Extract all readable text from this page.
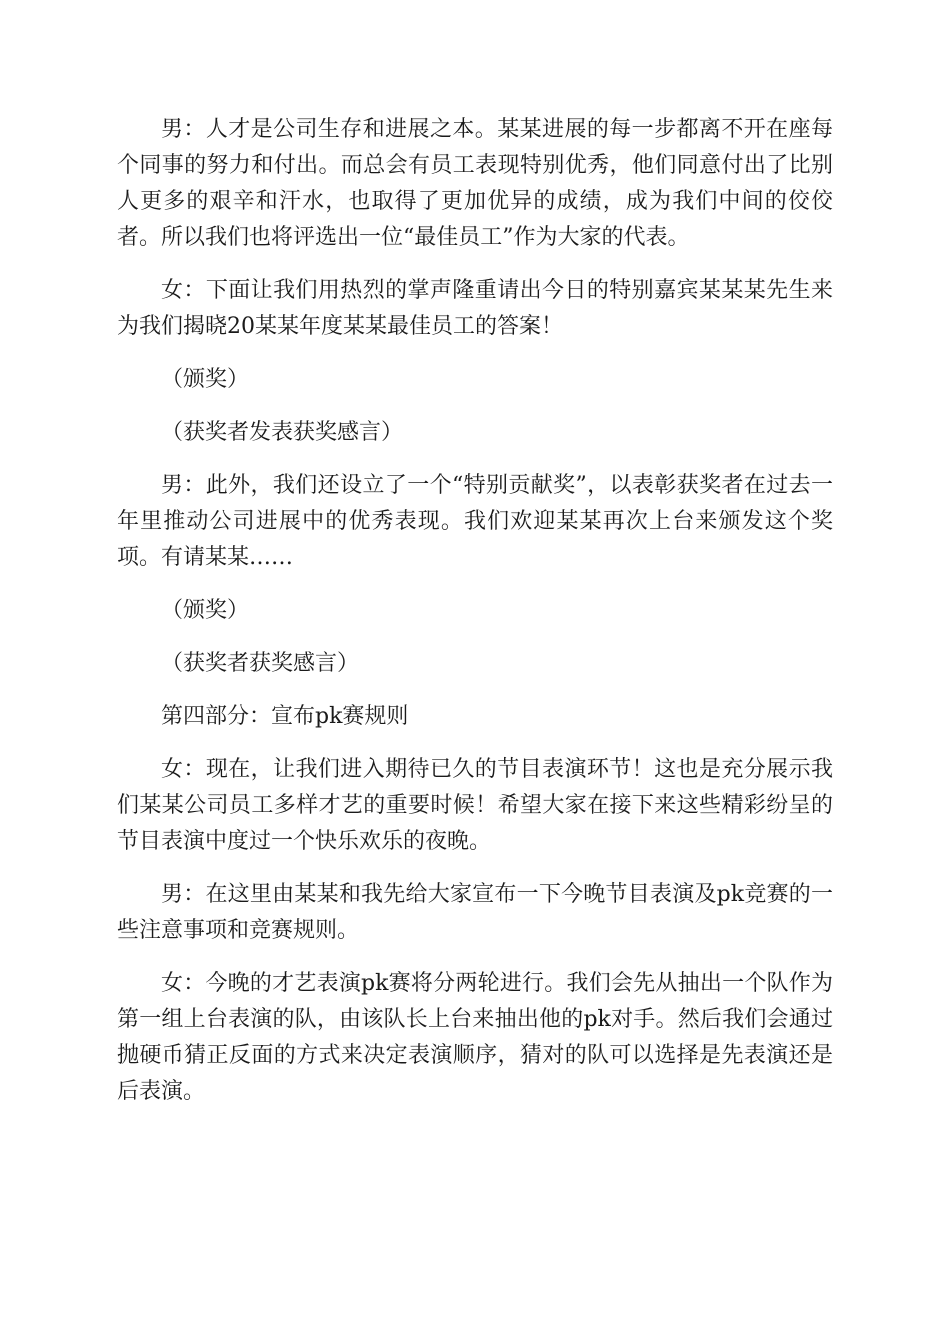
男：人才是公司生存和进展之本。某某进展的每一步都离不开在座每个同事的努力和付出。而总会有员工表现特别优秀，他们同意付出了比别人更多的艰辛和汗水，也取得了更加优异的成绩，成为我们中间的佼佼者。所以我们也将评选出一位“最佳员工”作为大家的代表。

女：下面让我们用热烈的掌声隆重请出今日的特别嘉宾某某某先生来为我们揭晓20某某年度某某最佳员工的答案！

（颁奖）

（获奖者发表获奖感言）

男：此外，我们还设立了一个“特别贡献奖”，以表彰获奖者在过去一年里推动公司进展中的优秀表现。我们欢迎某某再次上台来颁发这个奖项。有请某某……

（颁奖）

（获奖者获奖感言）

第四部分：宣布pk赛规则

女：现在，让我们进入期待已久的节目表演环节！这也是充分展示我们某某公司员工多样才艺的重要时候！希望大家在接下来这些精彩纷呈的节目表演中度过一个快乐欢乐的夜晚。

男：在这里由某某和我先给大家宣布一下今晚节目表演及pk竞赛的一些注意事项和竞赛规则。

女：今晚的才艺表演pk赛将分两轮进行。我们会先从抽出一个队作为第一组上台表演的队，由该队长上台来抽出他的pk对手。然后我们会通过抛硬币猜正反面的方式来决定表演顺序，猜对的队可以选择是先表演还是后表演。
